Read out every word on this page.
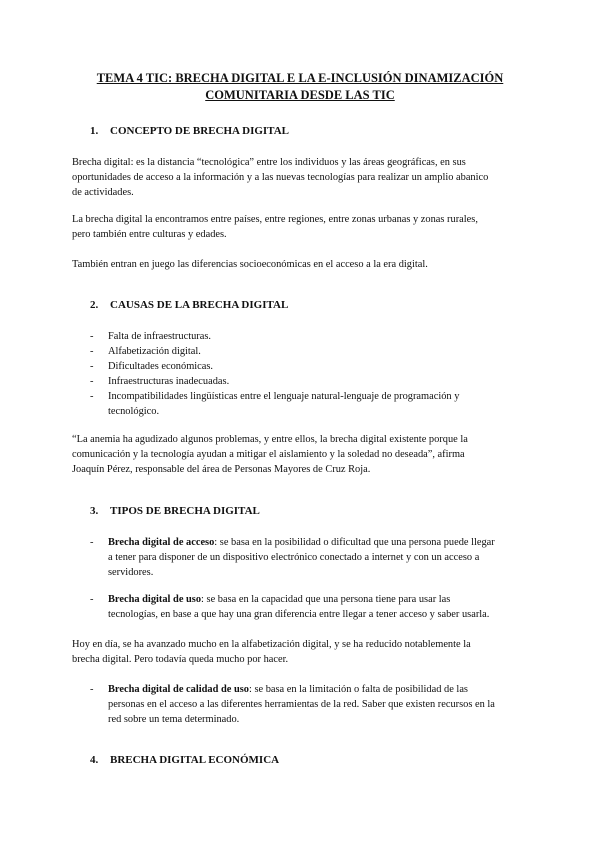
TEMA 4 TIC: BRECHA DIGITAL E LA E-INCLUSIÓN DINAMIZACIÓN
COMUNITARIA DESDE LAS TIC
1. CONCEPTO DE BRECHA DIGITAL
Brecha digital: es la distancia “tecnológica” entre los individuos y las áreas geográficas, en sus
oportunidades de acceso a la información y a las nuevas tecnologías para realizar un amplio abanico
de actividades.
La brecha digital la encontramos entre países, entre regiones, entre zonas urbanas y zonas rurales,
pero también entre culturas y edades.
También entran en juego las diferencias socioeconómicas en el acceso a la era digital.
2. CAUSAS DE LA BRECHA DIGITAL
- Falta de infraestructuras.
- Alfabetización digital.
- Dificultades económicas.
- Infraestructuras inadecuadas.
- Incompatibilidades lingüísticas entre el lenguaje natural-lenguaje de programación y
tecnológico.
“La anemia ha agudizado algunos problemas, y entre ellos, la brecha digital existente porque la
comunicación y la tecnología ayudan a mitigar el aislamiento y la soledad no deseada”, afirma
Joaquín Pérez, responsable del área de Personas Mayores de Cruz Roja.
3. TIPOS DE BRECHA DIGITAL
- Brecha digital de acceso: se basa en la posibilidad o dificultad que una persona puede llegar
a tener para disponer de un dispositivo electrónico conectado a internet y con un acceso a
servidores.
- Brecha digital de uso: se basa en la capacidad que una persona tiene para usar las
tecnologías, en base a que hay una gran diferencia entre llegar a tener acceso y saber usarla.
Hoy en día, se ha avanzado mucho en la alfabetización digital, y se ha reducido notablemente la
brecha digital. Pero todavía queda mucho por hacer.
- Brecha digital de calidad de uso: se basa en la limitación o falta de posibilidad de las
personas en el acceso a las diferentes herramientas de la red. Saber que existen recursos en la
red sobre un tema determinado.
4. BRECHA DIGITAL ECONÓMICA
